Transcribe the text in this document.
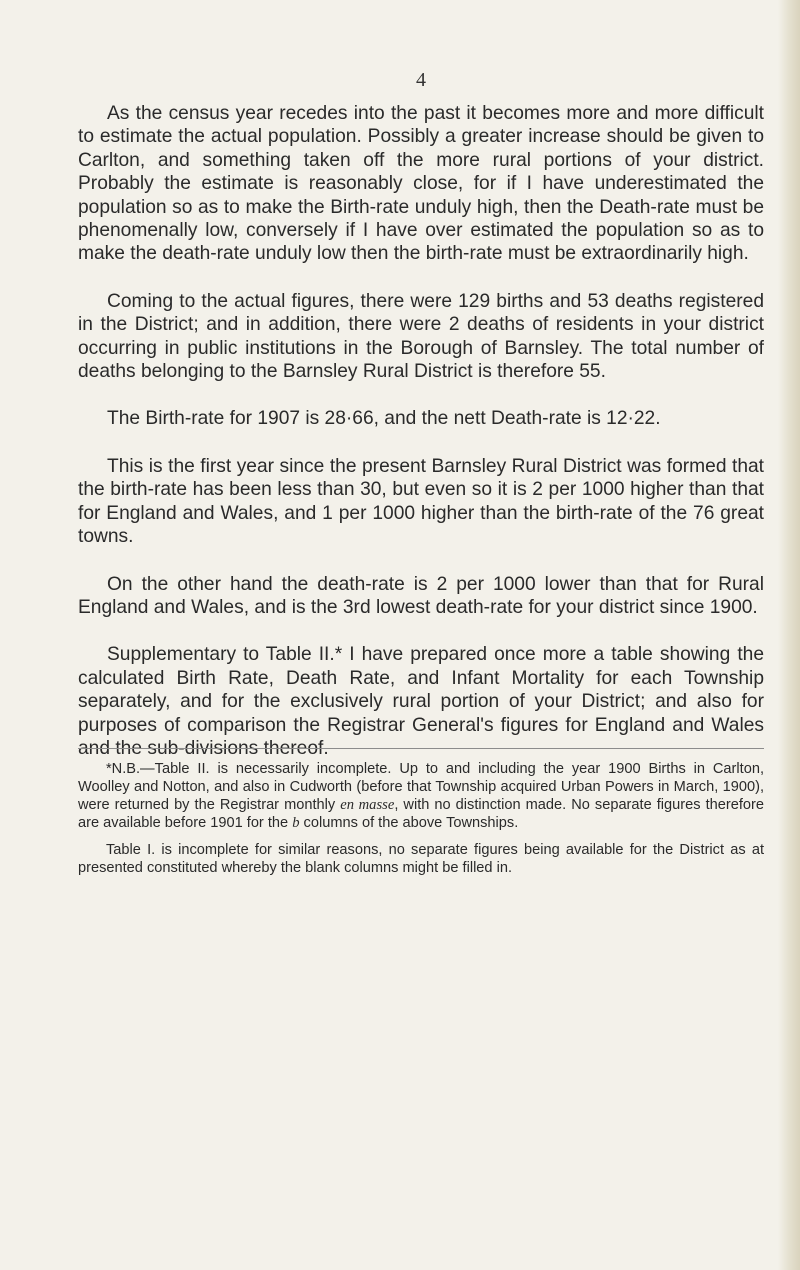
4

As the census year recedes into the past it becomes more and more difficult to estimate the actual population. Possibly a greater increase should be given to Carlton, and something taken off the more rural portions of your district. Probably the estimate is reasonably close, for if I have underestimated the population so as to make the Birth-rate unduly high, then the Death-rate must be phenomenally low, conversely if I have over estimated the population so as to make the death-rate unduly low then the birth-rate must be extraordinarily high.

Coming to the actual figures, there were 129 births and 53 deaths registered in the District; and in addition, there were 2 deaths of residents in your district occurring in public institutions in the Borough of Barnsley. The total number of deaths belonging to the Barnsley Rural District is therefore 55.

The Birth-rate for 1907 is 28·66, and the nett Death-rate is 12·22.

This is the first year since the present Barnsley Rural District was formed that the birth-rate has been less than 30, but even so it is 2 per 1000 higher than that for England and Wales, and 1 per 1000 higher than the birth-rate of the 76 great towns.

On the other hand the death-rate is 2 per 1000 lower than that for Rural England and Wales, and is the 3rd lowest death-rate for your district since 1900.

Supplementary to Table II.* I have prepared once more a table showing the calculated Birth Rate, Death Rate, and Infant Mortality for each Township separately, and for the exclusively rural portion of your District; and also for purposes of comparison the Registrar General's figures for England and Wales and the sub-divisions thereof.

*N.B.—Table II. is necessarily incomplete. Up to and including the year 1900 Births in Carlton, Woolley and Notton, and also in Cudworth (before that Township acquired Urban Powers in March, 1900), were returned by the Registrar monthly en masse, with no distinction made. No separate figures therefore are available before 1901 for the b columns of the above Townships.

Table I. is incomplete for similar reasons, no separate figures being available for the District as at presented constituted whereby the blank columns might be filled in.
